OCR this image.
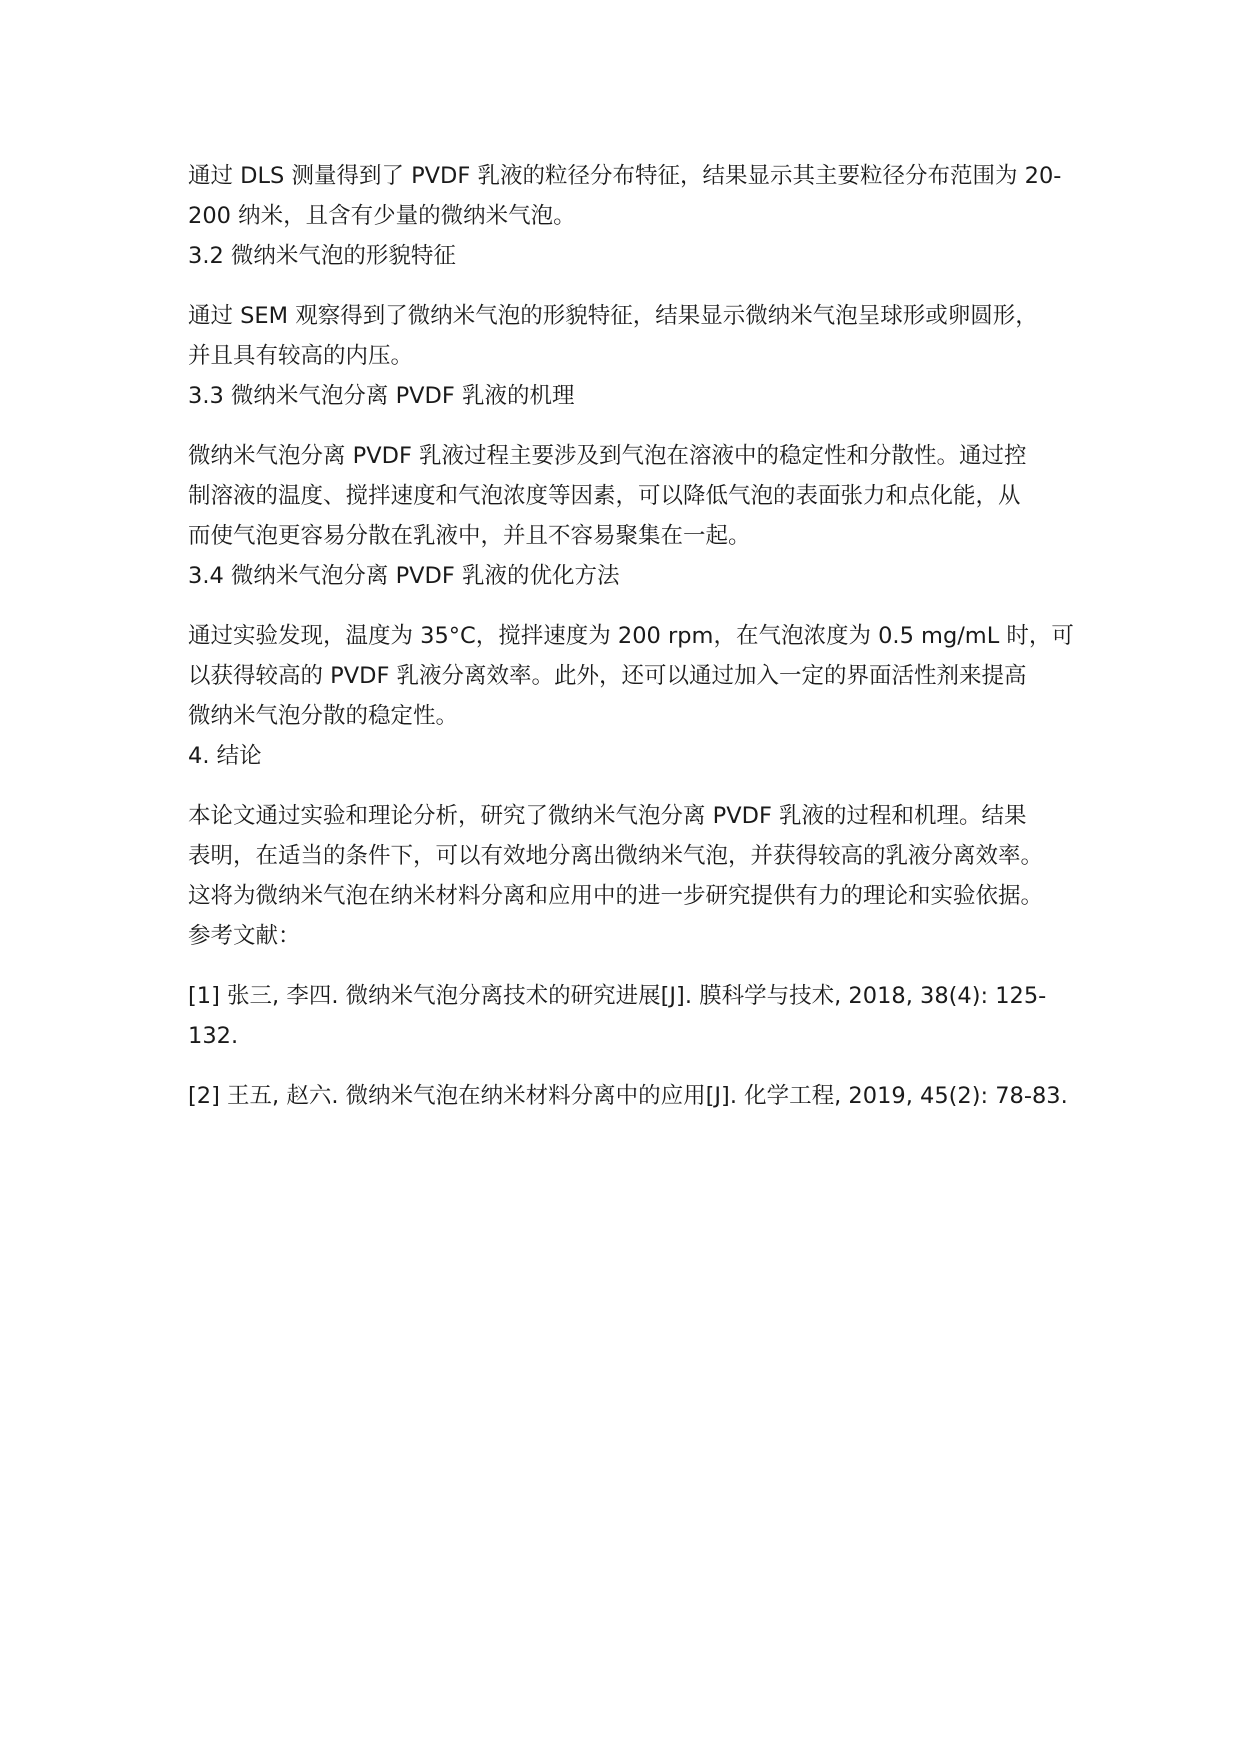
通过 DLS 测量得到了 PVDF 乳液的粒径分布特征，结果显示其主要粒径分布范围为 20-
200 纳米，且含有少量的微纳米气泡。
3.2 微纳米气泡的形貌特征
通过 SEM 观察得到了微纳米气泡的形貌特征，结果显示微纳米气泡呈球形或卵圆形，
并且具有较高的内压。
3.3 微纳米气泡分离 PVDF 乳液的机理
微纳米气泡分离 PVDF 乳液过程主要涉及到气泡在溶液中的稳定性和分散性。通过控
制溶液的温度、搅拌速度和气泡浓度等因素，可以降低气泡的表面张力和点化能，从
而使气泡更容易分散在乳液中，并且不容易聚集在一起。
3.4 微纳米气泡分离 PVDF 乳液的优化方法
通过实验发现，温度为 35°C，搅拌速度为 200 rpm，在气泡浓度为 0.5 mg/mL 时，可
以获得较高的 PVDF 乳液分离效率。此外，还可以通过加入一定的界面活性剂来提高
微纳米气泡分散的稳定性。
4. 结论
本论文通过实验和理论分析，研究了微纳米气泡分离 PVDF 乳液的过程和机理。结果
表明，在适当的条件下，可以有效地分离出微纳米气泡，并获得较高的乳液分离效率。
这将为微纳米气泡在纳米材料分离和应用中的进一步研究提供有力的理论和实验依据。
参考文献：
[1] 张三, 李四. 微纳米气泡分离技术的研究进展[J]. 膜科学与技术, 2018, 38(4): 125-
132.
[2] 王五, 赵六. 微纳米气泡在纳米材料分离中的应用[J]. 化学工程, 2019, 45(2): 78-83.
